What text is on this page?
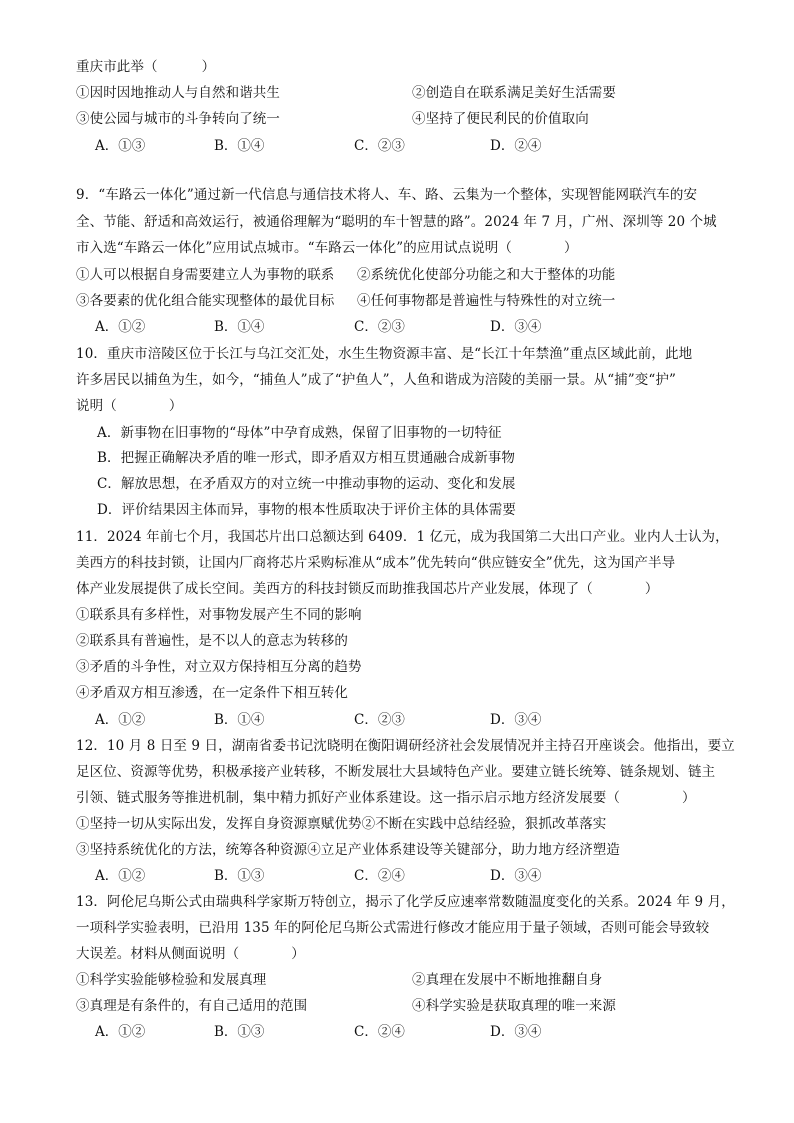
重庆市此举（	）
①因时因地推动人与自然和谐共生	②创造自在联系满足美好生活需要
③使公园与城市的斗争转向了统一	④坚持了便民利民的价值取向
A．①③	B．①④	C．②③	D．②④
9．“车路云一体化”通过新一代信息与通信技术将人、车、路、云集为一个整体，实现智能网联汽车的安
全、节能、舒适和高效运行，被通俗理解为“聪明的车十智慧的路”。2024 年 7 月，广州、深圳等 20 个城
市入选“车路云一体化”应用试点城市。“车路云一体化”的应用试点说明（	）
①人可以根据自身需要建立人为事物的联系	②系统优化使部分功能之和大于整体的功能
③各要素的优化组合能实现整体的最优目标	④任何事物都是普遍性与特殊性的对立统一
A．①②	B．①④	C．②③	D．③④
10．重庆市涪陵区位于长江与乌江交汇处，水生生物资源丰富、是“长江十年禁渔”重点区域此前，此地
许多居民以捕鱼为生，如今，“捕鱼人”成了“护鱼人”，人鱼和谐成为涪陵的美丽一景。从“捕”变“护”
说明（	）
A．新事物在旧事物的“母体”中孕育成熟，保留了旧事物的一切特征
B．把握正确解决矛盾的唯一形式，即矛盾双方相互贯通融合成新事物
C．解放思想，在矛盾双方的对立统一中推动事物的运动、变化和发展
D．评价结果因主体而异，事物的根本性质取决于评价主体的具体需要
11．2024 年前七个月，我国芯片出口总额达到 6409．1 亿元，成为我国第二大出口产业。业内人士认为，
美西方的科技封锁，让国内厂商将芯片采购标准从“成本”优先转向“供应链安全”优先，这为国产半导
体产业发展提供了成长空间。美西方的科技封锁反而助推我国芯片产业发展，体现了（	）
①联系具有多样性，对事物发展产生不同的影响
②联系具有普遍性，是不以人的意志为转移的
③矛盾的斗争性，对立双方保持相互分离的趋势
④矛盾双方相互渗透，在一定条件下相互转化
A．①②	B．①④	C．②③	D．③④
12．10 月 8 日至 9 日，湖南省委书记沈晓明在衡阳调研经济社会发展情况并主持召开座谈会。他指出，要立
足区位、资源等优势，积极承接产业转移，不断发展壮大县域特色产业。要建立链长统筹、链条规划、链主
引领、链式服务等推进机制，集中精力抓好产业体系建设。这一指示启示地方经济发展要（	）
①坚持一切从实际出发，发挥自身资源禀赋优势②不断在实践中总结经验，狠抓改革落实
③坚持系统优化的方法，统筹各种资源④立足产业体系建设等关键部分，助力地方经济塑造
A．①②	B．①③	C．②④	D．③④
13．阿伦尼乌斯公式由瑞典科学家斯万特创立，揭示了化学反应速率常数随温度变化的关系。2024 年 9 月，
一项科学实验表明，已沿用 135 年的阿伦尼乌斯公式需进行修改才能应用于量子领域，否则可能会导致较
大误差。材料从侧面说明（	）
①科学实验能够检验和发展真理	②真理在发展中不断地推翻自身
③真理是有条件的，有自己适用的范围	④科学实验是获取真理的唯一来源
A．①②	B．①③	C．②④	D．③④
